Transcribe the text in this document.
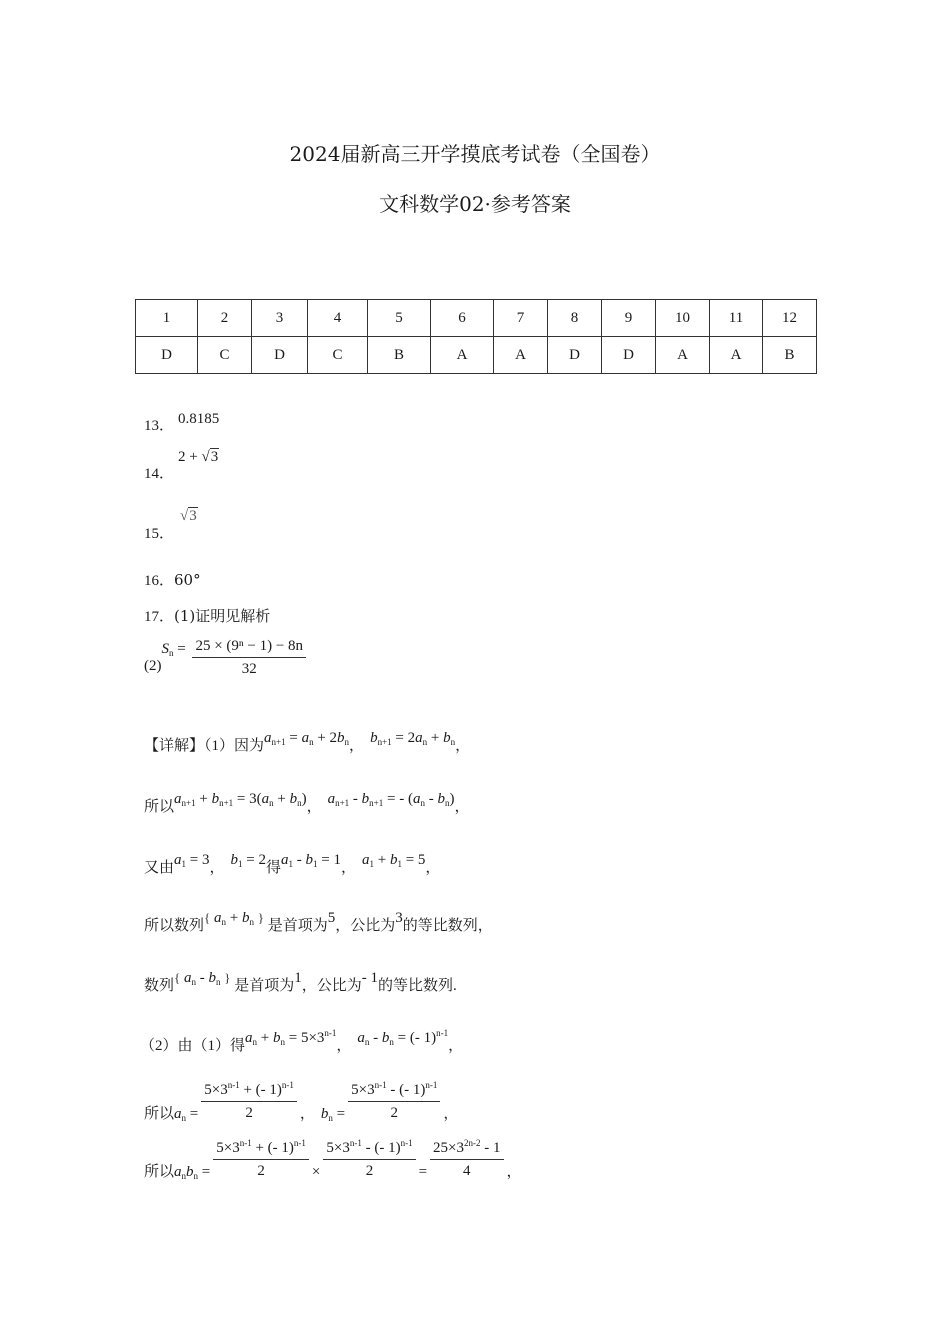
2024届新高三开学摸底考试卷（全国卷）
文科数学02·参考答案
1	2	3	4	5	6	7	8	9	10	11	12
D	C	D	C	B	A	A	D	D	A	A	B
13． 0.8185
14．
2 + √3
15．
√3
16．60°
17．(1)证明见解析
$(2)S_n = \frac{\text{25 × (9ⁿ − 1) − 8n}}{32}$
【详解】（1）因为$a_{n+1} = a_n + 2b_n$， $b_{n+1} = 2a_n + b_n$，
所以$a_{n+1} + b_{n+1} = 3(a_n + b_n)$， $a_{n+1} - b_{n+1}$ = - $(a_n - b_n)$，
又由$a_1 = 3$， $b_1 = 2$得$a_1 - b_1 = 1$， $a_1 + b_1 = 5$，
所以数列{ $a_n + b_n$ } 是首项为5，公比为3的等比数列，
数列{ $a_n - b_n$ } 是首项为1，公比为- 1的等比数列.
（2）由（1）得$a_n + b_n = 5\times 3^{n-1}$， $a_n - b_n$ = (- 1)$^{n-1}$，
所以$a_n = \frac{5\times 3^{n-1} + (- 1)^{n-1}}{2}$ ， $b_n = \frac{5\times 3^{n-1} - (- 1)^{n-1}}{2}$ ，
所以$a_nb_n = \frac{5\times 3^{n-1} + (- 1)^{n-1}}{2} \times \frac{5\times 3^{n-1} - (- 1)^{n-1}}{2} = \frac{25\times 3^{2n-2} - 1}{4}$ ，
